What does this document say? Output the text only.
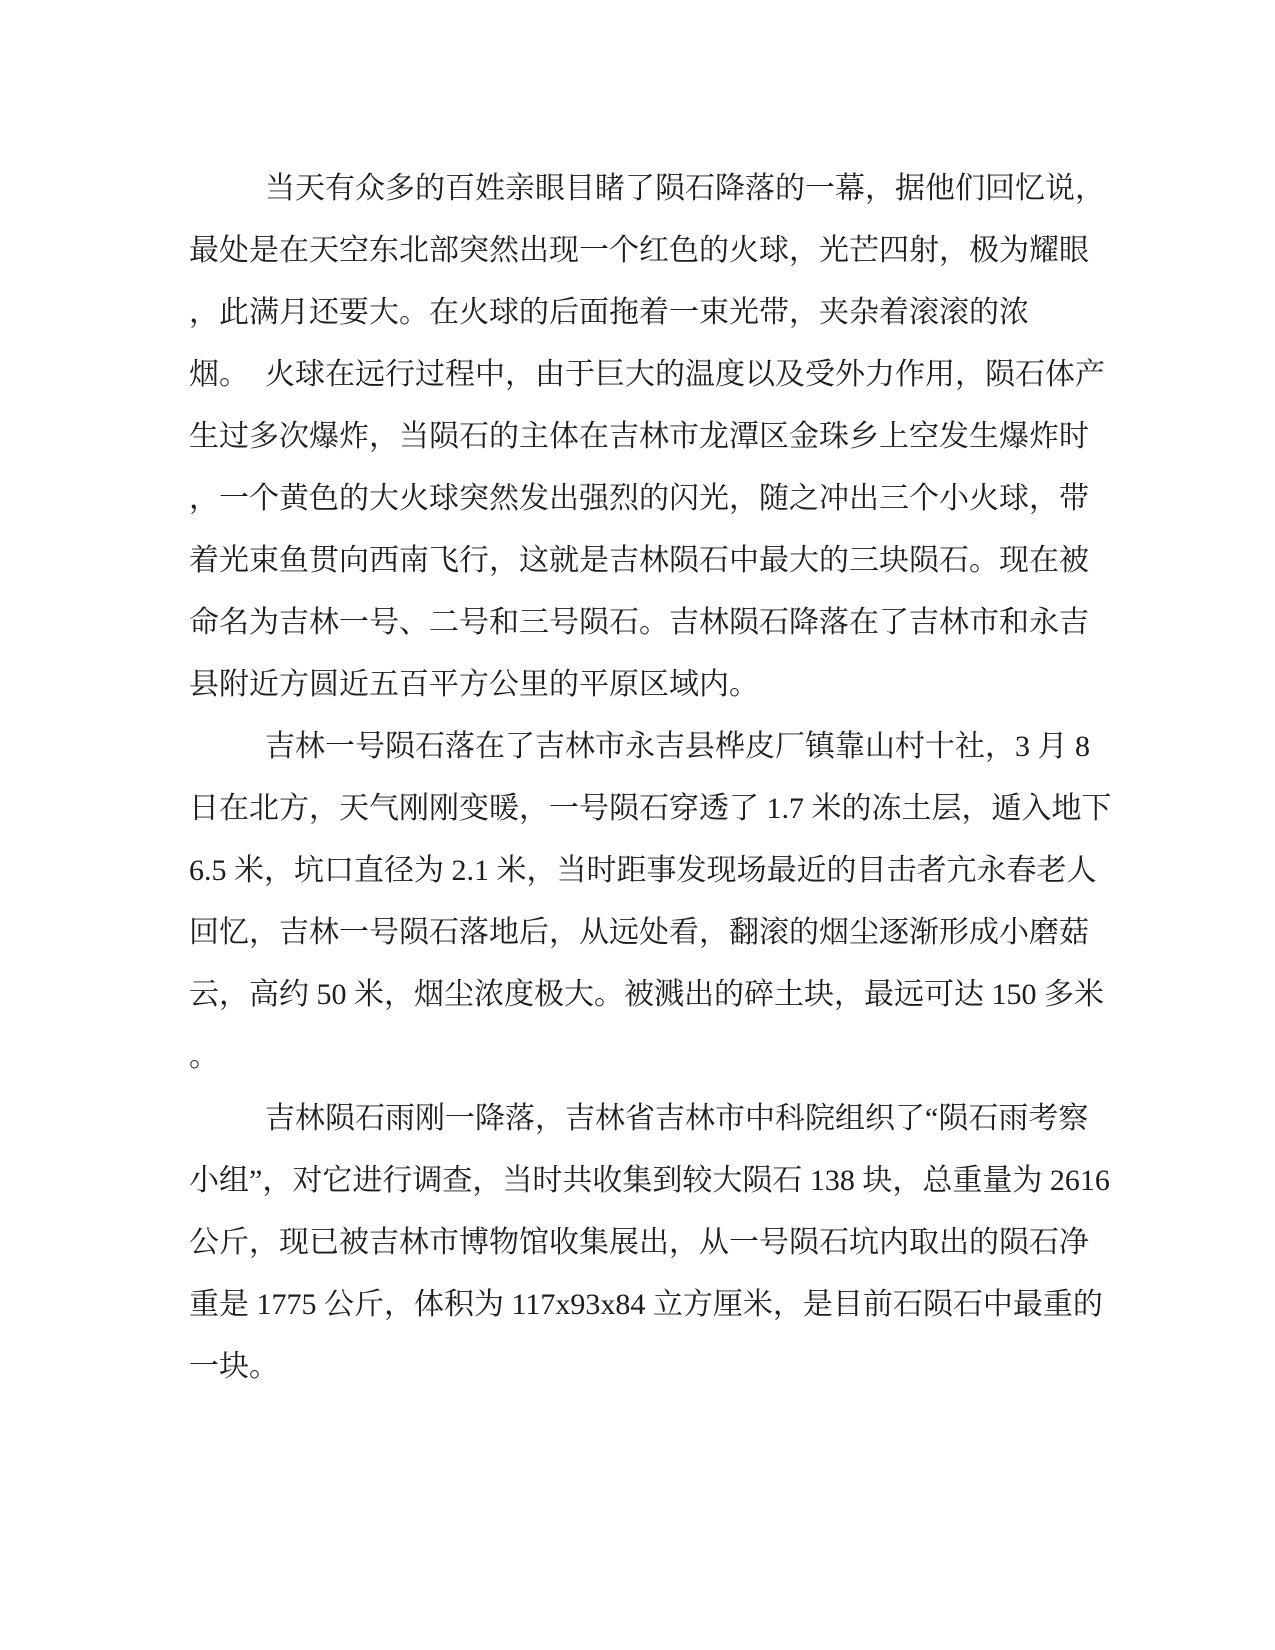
当天有众多的百姓亲眼目睹了陨石降落的一幕，据他们回忆说，
最处是在天空东北部突然出现一个红色的火球，光芒四射，极为耀眼
，此满月还要大。在火球的后面拖着一束光带，夹杂着滚滚的浓烟。 火球在远行过程中，由于巨大的温度以及受外力作用，陨石体产
生过多次爆炸，当陨石的主体在吉林市龙潭区金珠乡上空发生爆炸时
，一个黄色的大火球突然发出强烈的闪光，随之冲出三个小火球，带
着光束鱼贯向西南飞行，这就是吉林陨石中最大的三块陨石。现在被
命名为吉林一号、二号和三号陨石。吉林陨石降落在了吉林市和永吉
县附近方圆近五百平方公里的平原区域内。
吉林一号陨石落在了吉林市永吉县桦皮厂镇靠山村十社，3 月 8
日在北方，天气刚刚变暖，一号陨石穿透了 1.7 米的冻土层，遁入地下
6.5 米，坑口直径为 2.1 米，当时距事发现场最近的目击者亢永春老人
回忆，吉林一号陨石落地后，从远处看，翻滚的烟尘逐渐形成小磨菇
云，高约 50 米，烟尘浓度极大。被溅出的碎土块，最远可达 150 多米
。
吉林陨石雨刚一降落，吉林省吉林市中科院组织了“陨石雨考察
小组”，对它进行调查，当时共收集到较大陨石 138 块，总重量为 2616
公斤，现已被吉林市博物馆收集展出，从一号陨石坑内取出的陨石净
重是 1775 公斤，体积为 117x93x84 立方厘米，是目前石陨石中最重的
一块。
